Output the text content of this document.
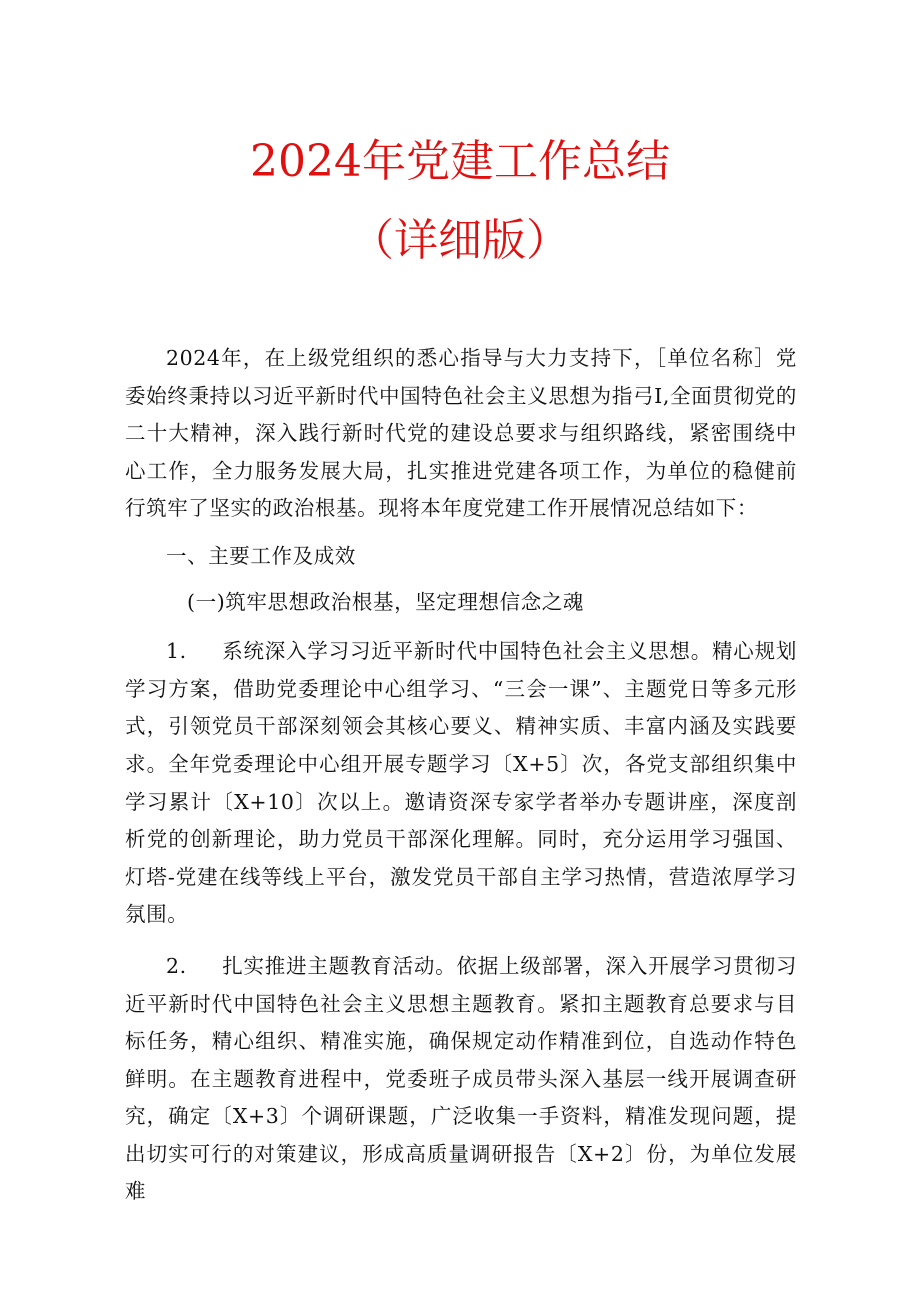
2024年党建工作总结
（详细版）

2024年，在上级党组织的悉心指导与大力支持下，［单位名称］党委始终秉持以习近平新时代中国特色社会主义思想为指弓I,全面贯彻党的二十大精神，深入践行新时代党的建设总要求与组织路线，紧密围绕中心工作，全力服务发展大局，扎实推进党建各项工作，为单位的稳健前行筑牢了坚实的政治根基。现将本年度党建工作开展情况总结如下：

一、主要工作及成效

(一)筑牢思想政治根基，坚定理想信念之魂

1. 系统深入学习习近平新时代中国特色社会主义思想。精心规划学习方案，借助党委理论中心组学习、“三会一课”、主题党日等多元形式，引领党员干部深刻领会其核心要义、精神实质、丰富内涵及实践要求。全年党委理论中心组开展专题学习〔X+5〕次，各党支部组织集中学习累计〔X+10〕次以上。邀请资深专家学者举办专题讲座，深度剖析党的创新理论，助力党员干部深化理解。同时，充分运用学习强国、灯塔-党建在线等线上平台，激发党员干部自主学习热情，营造浓厚学习氛围。

2. 扎实推进主题教育活动。依据上级部署，深入开展学习贯彻习近平新时代中国特色社会主义思想主题教育。紧扣主题教育总要求与目标任务，精心组织、精准实施，确保规定动作精准到位，自选动作特色鲜明。在主题教育进程中，党委班子成员带头深入基层一线开展调查研究，确定〔X+3〕个调研课题，广泛收集一手资料，精准发现问题，提出切实可行的对策建议，形成高质量调研报告〔X+2〕份，为单位发展难
